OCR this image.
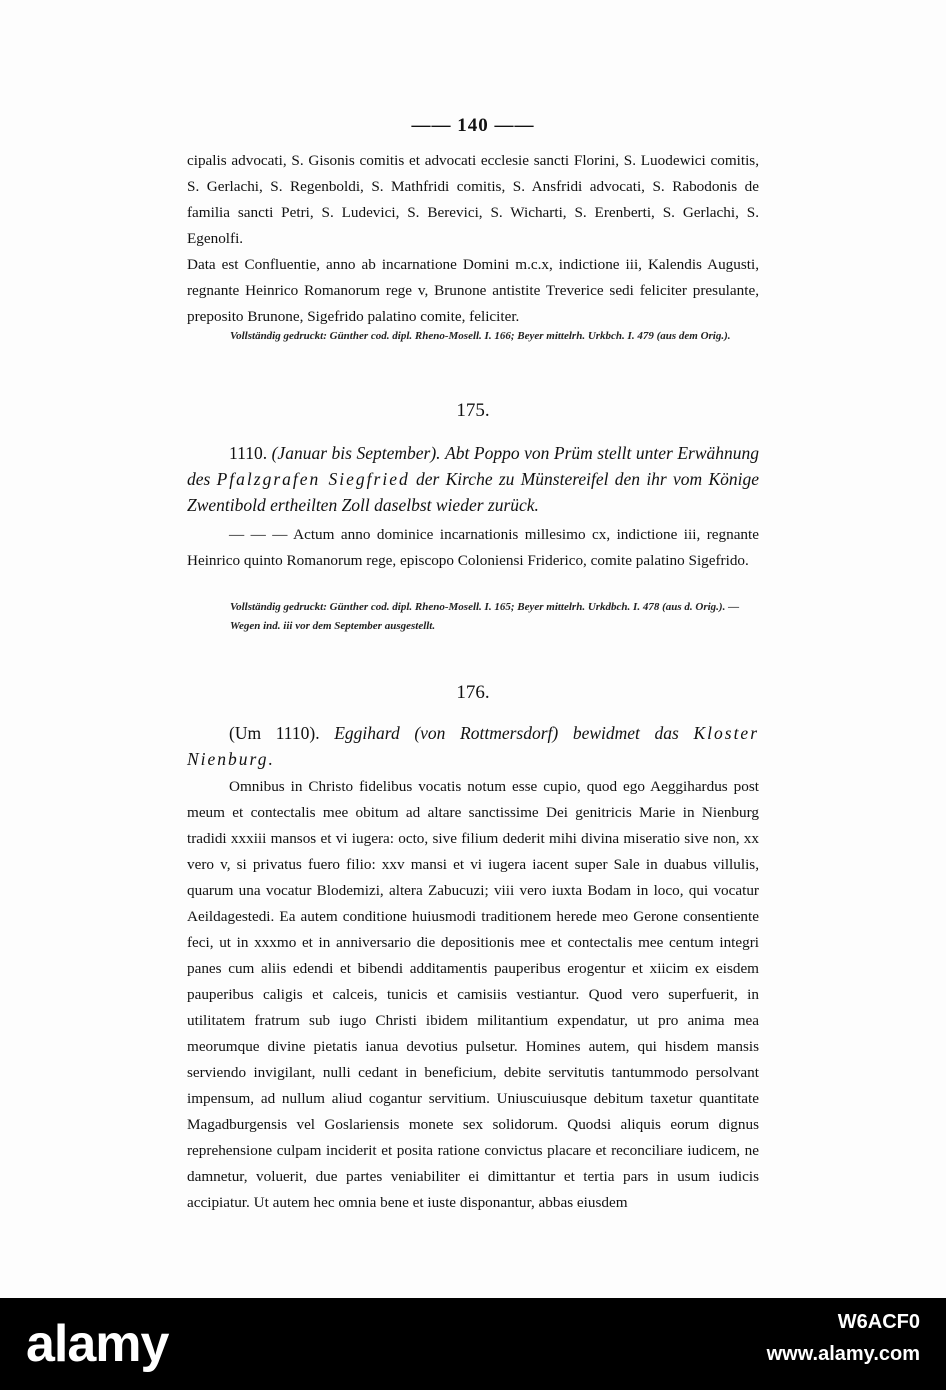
—— 140 ——

cipalis advocati, S. Gisonis comitis et advocati ecclesie sancti Florini, S. Luodewici comitis, S. Gerlachi, S. Regenboldi, S. Mathfridi comitis, S. Ansfridi advocati, S. Rabodonis de familia sancti Petri, S. Ludevici, S. Berevici, S. Wicharti, S. Erenberti, S. Gerlachi, S. Egenolfi.

Data est Confluentie, anno ab incarnatione Domini m.c.x, indictione iii, Kalendis Augusti, regnante Heinrico Romanorum rege v, Brunone antistite Treverice sedi feliciter presulante, preposito Brunone, Sigefrido palatino comite, feliciter.

Vollständig gedruckt: Günther cod. dipl. Rheno-Mosell. I. 166; Beyer mittelrh. Urkbch. I. 479 (aus dem Orig.).
175.
1110. (Januar bis September). Abt Poppo von Prüm stellt unter Erwähnung des Pfalzgrafen Siegfried der Kirche zu Münstereifel den ihr vom Könige Zwentibold ertheilten Zoll daselbst wieder zurück.
— — — Actum anno dominice incarnationis millesimo cx, indictione iii, regnante Heinrico quinto Romanorum rege, episcopo Coloniensi Friderico, comite palatino Sigefrido.
Vollständig gedruckt: Günther cod. dipl. Rheno-Mosell. I. 165; Beyer mittelrh. Urkdbch. I. 478 (aus d. Orig.). — Wegen ind. iii vor dem September ausgestellt.
176.
(Um 1110). Eggihard (von Rottmersdorf) bewidmet das Kloster Nienburg.
Omnibus in Christo fidelibus vocatis notum esse cupio, quod ego Aeggihardus post meum et contectalis mee obitum ad altare sanctissime Dei genitricis Marie in Nienburg tradidi xxxiii mansos et vi iugera: octo, sive filium dederit mihi divina miseratio sive non, xx vero v, si privatus fuero filio: xxv mansi et vi iugera iacent super Sale in duabus villulis, quarum una vocatur Blodemizi, altera Zabucuzi; viii vero iuxta Bodam in loco, qui vocatur Aeildagestedi. Ea autem conditione huiusmodi traditionem herede meo Gerone consentiente feci, ut in xxxmo et in anniversario die depositionis mee et contectalis mee centum integri panes cum aliis edendi et bibendi additamentis pauperibus erogentur et xiicim ex eisdem pauperibus caligis et calceis, tunicis et camisiis vestiantur. Quod vero superfuerit, in utilitatem fratrum sub iugo Christi ibidem militantium expendatur, ut pro anima mea meorumque divine pietatis ianua devotius pulsetur. Homines autem, qui hisdem mansis serviendo invigilant, nulli cedant in beneficium, debite servitutis tantummodo persolvant impensum, ad nullum aliud cogantur servitium. Uniuscuiusque debitum taxetur quantitate Magadburgensis vel Goslariensis monete sex solidorum. Quodsi aliquis eorum dignus reprehensione culpam inciderit et posita ratione convictus placare et reconciliare iudicem, ne damnetur, voluerit, due partes veniabiliter ei dimittantur et tertia pars in usum iudicis accipiatur. Ut autem hec omnia bene et iuste disponantur, abbas eiusdem
alamy	W6ACF0
www.alamy.com
